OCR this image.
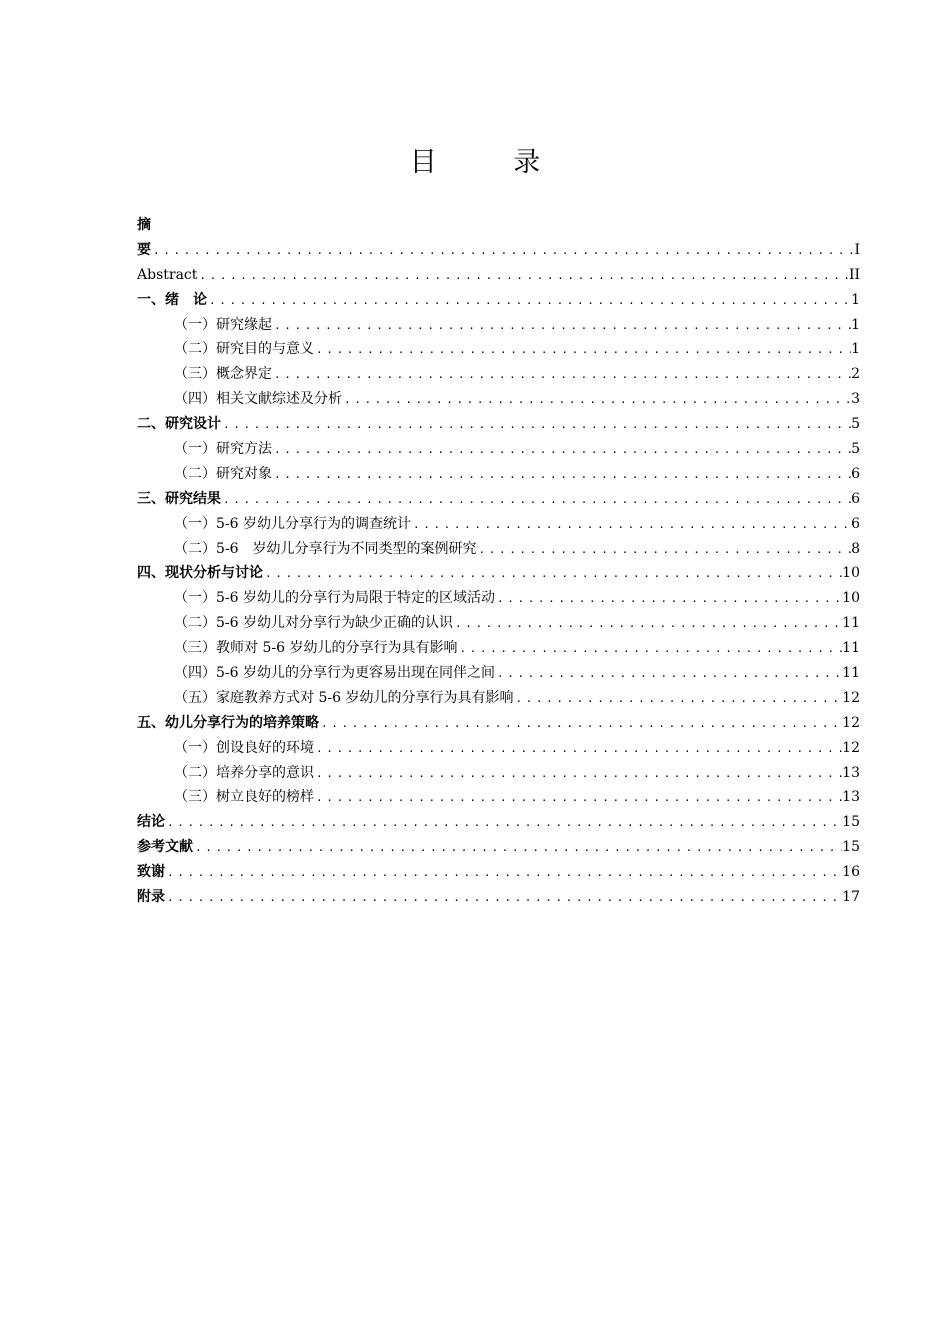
目 录
摘
要 .....	I
Abstract .....	II
一、绪　论 .....	1
（一）研究缘起 .....	1
（二）研究目的与意义 .....	1
（三）概念界定 .....	2
（四）相关文献综述及分析 .....	3
二、研究设计 .....	5
（一）研究方法 .....	5
（二）研究对象 .....	6
三、研究结果 .....	6
（一）5-6 岁幼儿分享行为的调查统计 .....	6
（二）5-6　岁幼儿分享行为不同类型的案例研究 .....	8
四、现状分析与讨论 .....	10
（一）5-6 岁幼儿的分享行为局限于特定的区域活动 .....	10
（二）5-6 岁幼儿对分享行为缺少正确的认识 .....	11
（三）教师对 5-6 岁幼儿的分享行为具有影响 .....	11
（四）5-6 岁幼儿的分享行为更容易出现在同伴之间 .....	11
（五）家庭教养方式对 5-6 岁幼儿的分享行为具有影响 .....	12
五、幼儿分享行为的培养策略 .....	12
（一）创设良好的环境 .....	12
（二）培养分享的意识 .....	13
（三）树立良好的榜样 .....	13
结论 .....	15
参考文献 .....	15
致谢 .....	16
附录 .....	17
